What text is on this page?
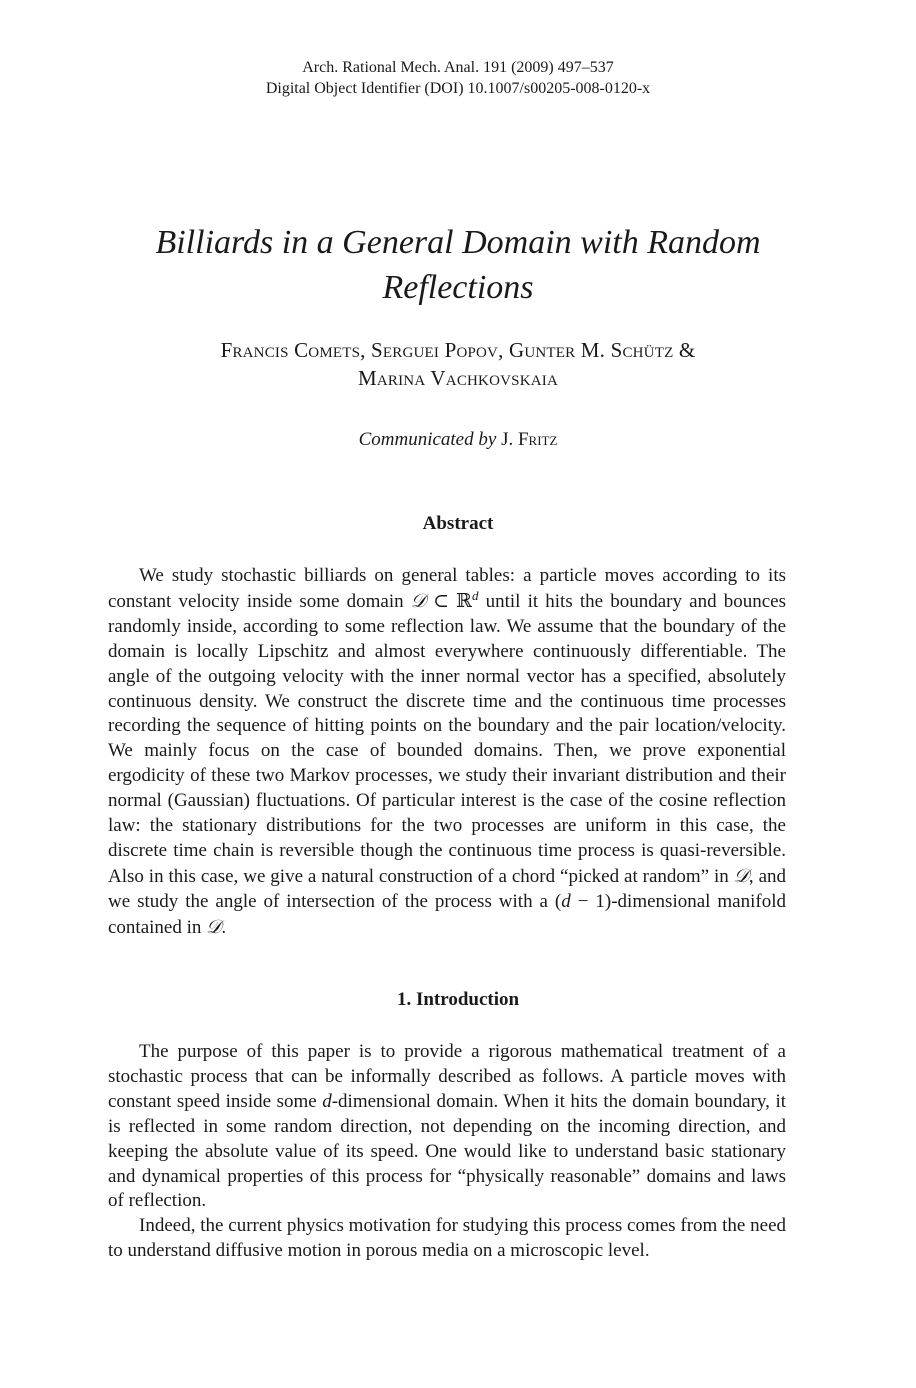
Arch. Rational Mech. Anal. 191 (2009) 497–537
Digital Object Identifier (DOI) 10.1007/s00205-008-0120-x
Billiards in a General Domain with Random
Reflections
Francis Comets, Serguei Popov, Gunter M. Schütz &
Marina Vachkovskaia
Communicated by J. Fritz
Abstract

We study stochastic billiards on general tables: a particle moves according to its constant velocity inside some domain 𝒟 ⊂ ℝ$^d$ until it hits the boundary and bounces randomly inside, according to some reflection law. We assume that the boundary of the domain is locally Lipschitz and almost everywhere continuously differentiable. The angle of the outgoing velocity with the inner normal vector has a specified, absolutely continuous density. We construct the discrete time and the continuous time processes recording the sequence of hitting points on the boundary and the pair location/velocity. We mainly focus on the case of bounded domains. Then, we prove exponential ergodicity of these two Markov processes, we study their invariant distribution and their normal (Gaussian) fluctuations. Of particular interest is the case of the cosine reflection law: the stationary distributions for the two processes are uniform in this case, the discrete time chain is reversible though the continuous time process is quasi-reversible. Also in this case, we give a natural construction of a chord “picked at random” in 𝒟, and we study the angle of intersection of the process with a (d − 1)-dimensional manifold contained in 𝒟.

1. Introduction

The purpose of this paper is to provide a rigorous mathematical treatment of a stochastic process that can be informally described as follows. A particle moves with constant speed inside some d-dimensional domain. When it hits the domain boundary, it is reflected in some random direction, not depending on the incoming direction, and keeping the absolute value of its speed. One would like to understand basic stationary and dynamical properties of this process for “physically reasonable” domains and laws of reflection.

Indeed, the current physics motivation for studying this process comes from the need to understand diffusive motion in porous media on a microscopic level.
